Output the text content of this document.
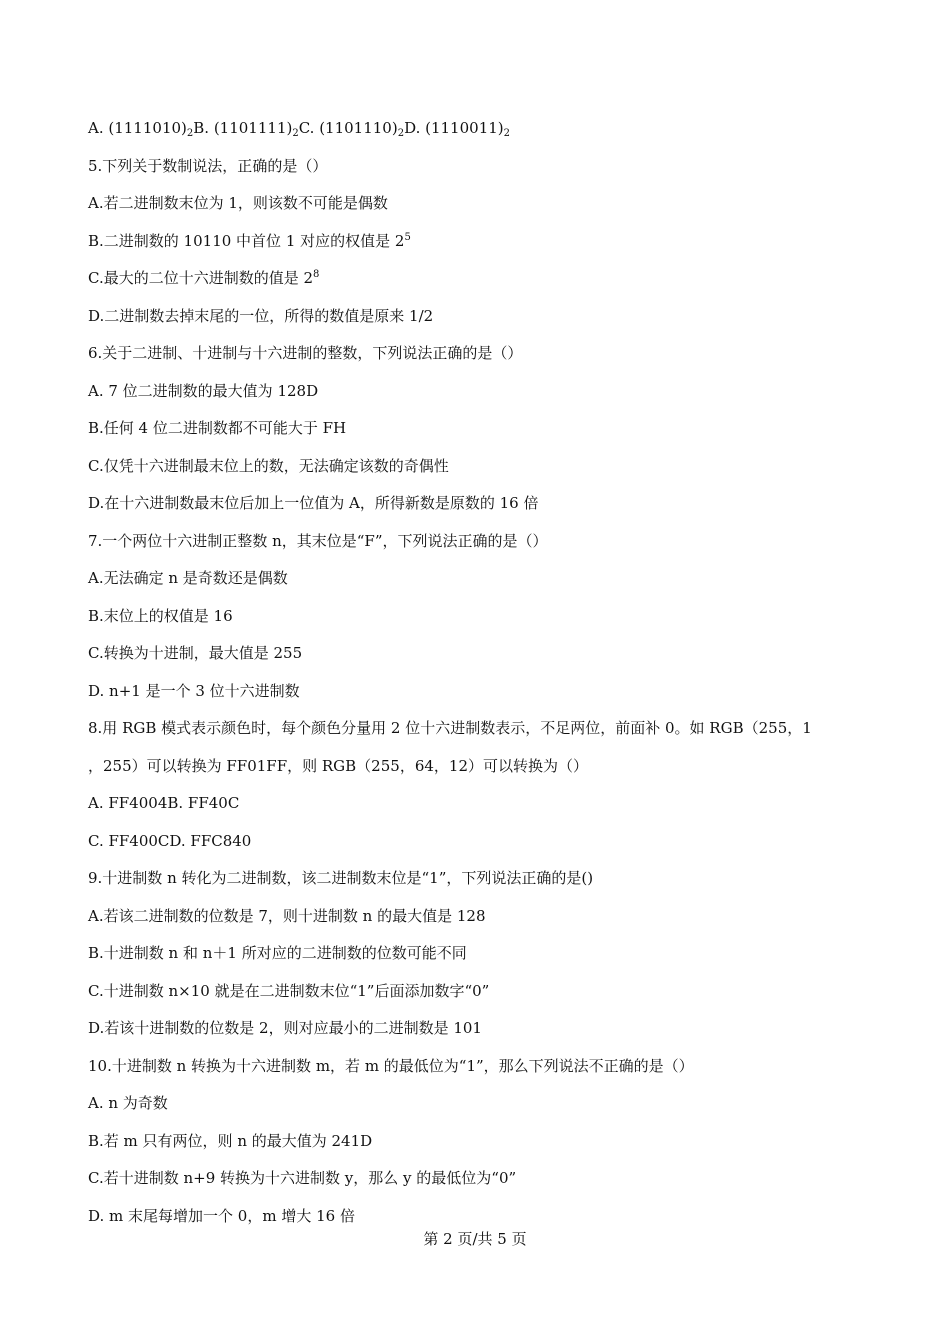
A. $(1111010)_2B$. $(1101111)_2C$. $(1101110)_2D$. $(1110011)_2$
5.下列关于数制说法，正确的是（）
A.若二进制数末位为 1，则该数不可能是偶数
B.二进制数的 10110 中首位 1 对应的权值是 $2^5$
C.最大的二位十六进制数的值是 $2^8$
D.二进制数去掉末尾的一位，所得的数值是原来 1/2
6.关于二进制、十进制与十六进制的整数，下列说法正确的是（）
A. 7 位二进制数的最大值为 128D
B.任何 4 位二进制数都不可能大于 FH
C.仅凭十六进制最末位上的数，无法确定该数的奇偶性
D.在十六进制数最末位后加上一位值为 A，所得新数是原数的 16 倍
7.一个两位十六进制正整数 n，其末位是“F”，下列说法正确的是（）
A.无法确定 n 是奇数还是偶数
B.末位上的权值是 16
C.转换为十进制，最大值是 255
D. n+1 是一个 3 位十六进制数
8.用 RGB 模式表示颜色时，每个颜色分量用 2 位十六进制数表示，不足两位，前面补 0。如 RGB（255，1
，255）可以转换为 FF01FF，则 RGB（255，64，12）可以转换为（）
A. FF4004B. FF40C
C. FF400CD. FFC840
9.十进制数 n 转化为二进制数，该二进制数末位是“1”，下列说法正确的是()
A.若该二进制数的位数是 7，则十进制数 n 的最大值是 128
B.十进制数 n 和 n＋1 所对应的二进制数的位数可能不同
C.十进制数 n×10 就是在二进制数末位“1”后面添加数字“0”
D.若该十进制数的位数是 2，则对应最小的二进制数是 101
10.十进制数 n 转换为十六进制数 m，若 m 的最低位为“1”，那么下列说法不正确的是（）
A. n 为奇数
B.若 m 只有两位，则 n 的最大值为 241D
C.若十进制数 n+9 转换为十六进制数 y，那么 y 的最低位为“0”
D. m 末尾每增加一个 0，m 增大 16 倍
第 2 页/共 5 页
